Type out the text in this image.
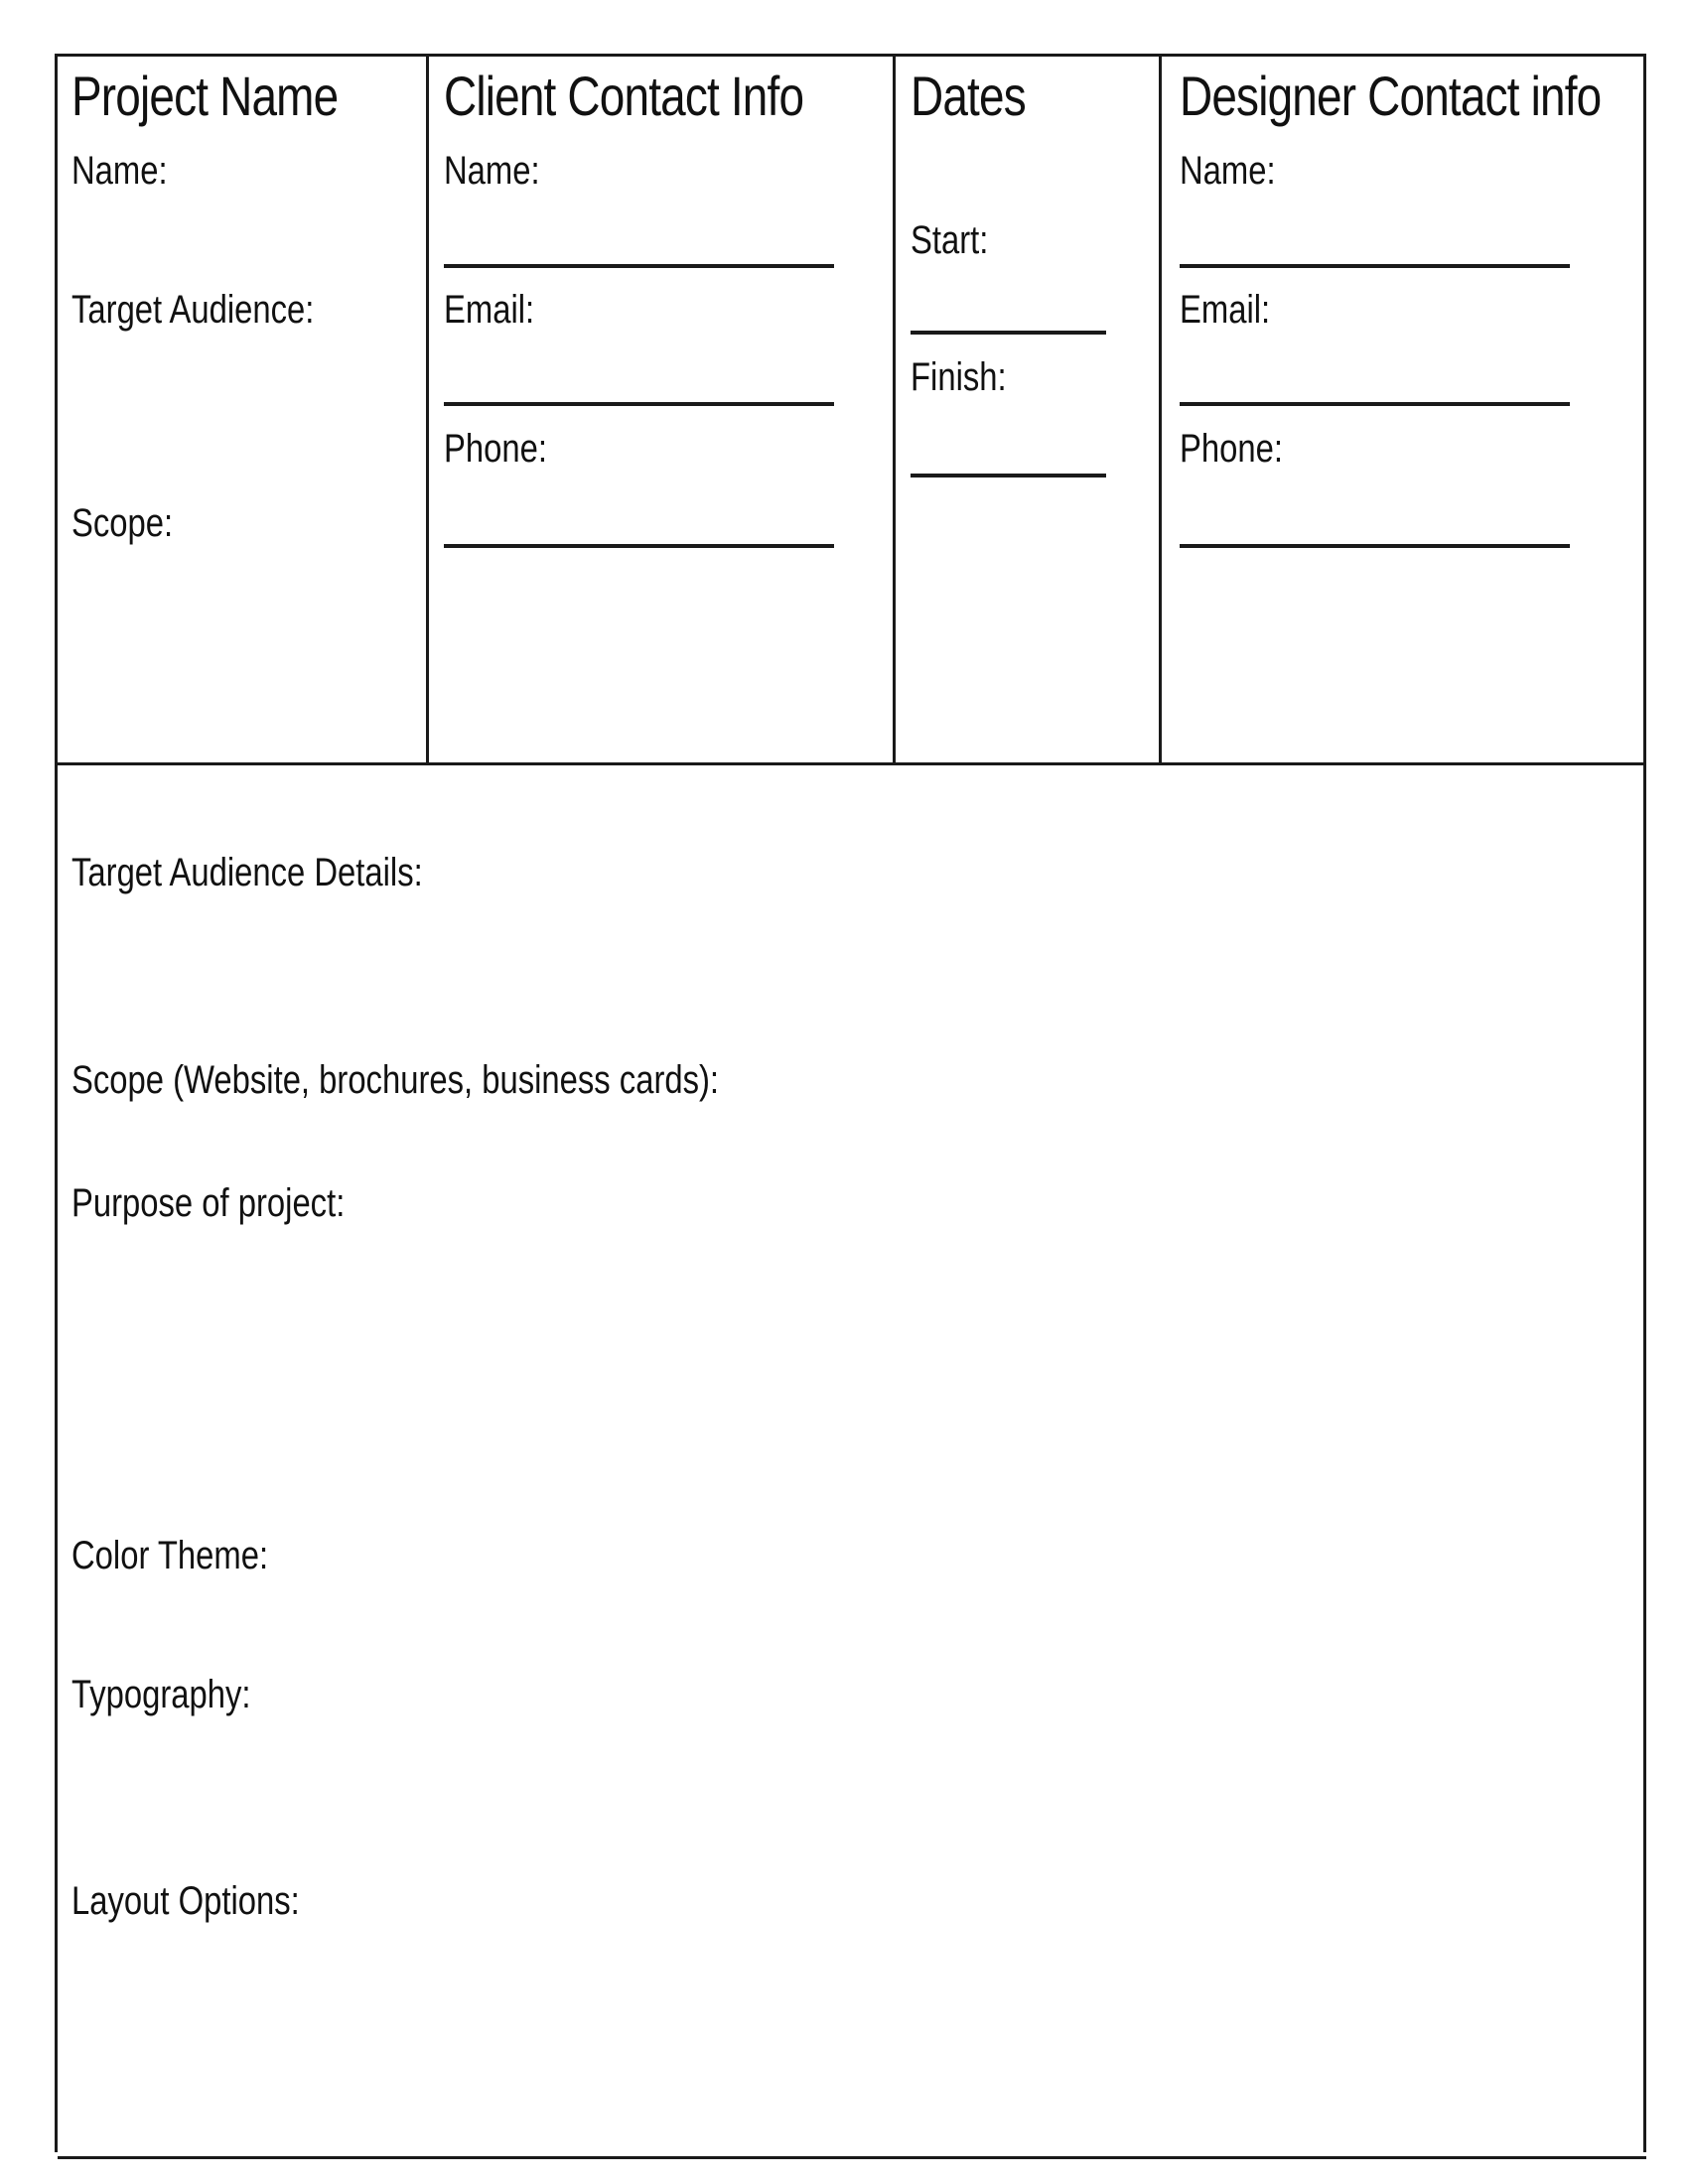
Project Name
Name:
Target Audience:
Scope:
Client Contact Info
Name:
Email:
Phone:
Dates
Start:
Finish:
Designer Contact info
Name:
Email:
Phone:
Target Audience Details:
Scope (Website, brochures, business cards):
Purpose of project:
Color Theme:
Typography:
Layout Options:
